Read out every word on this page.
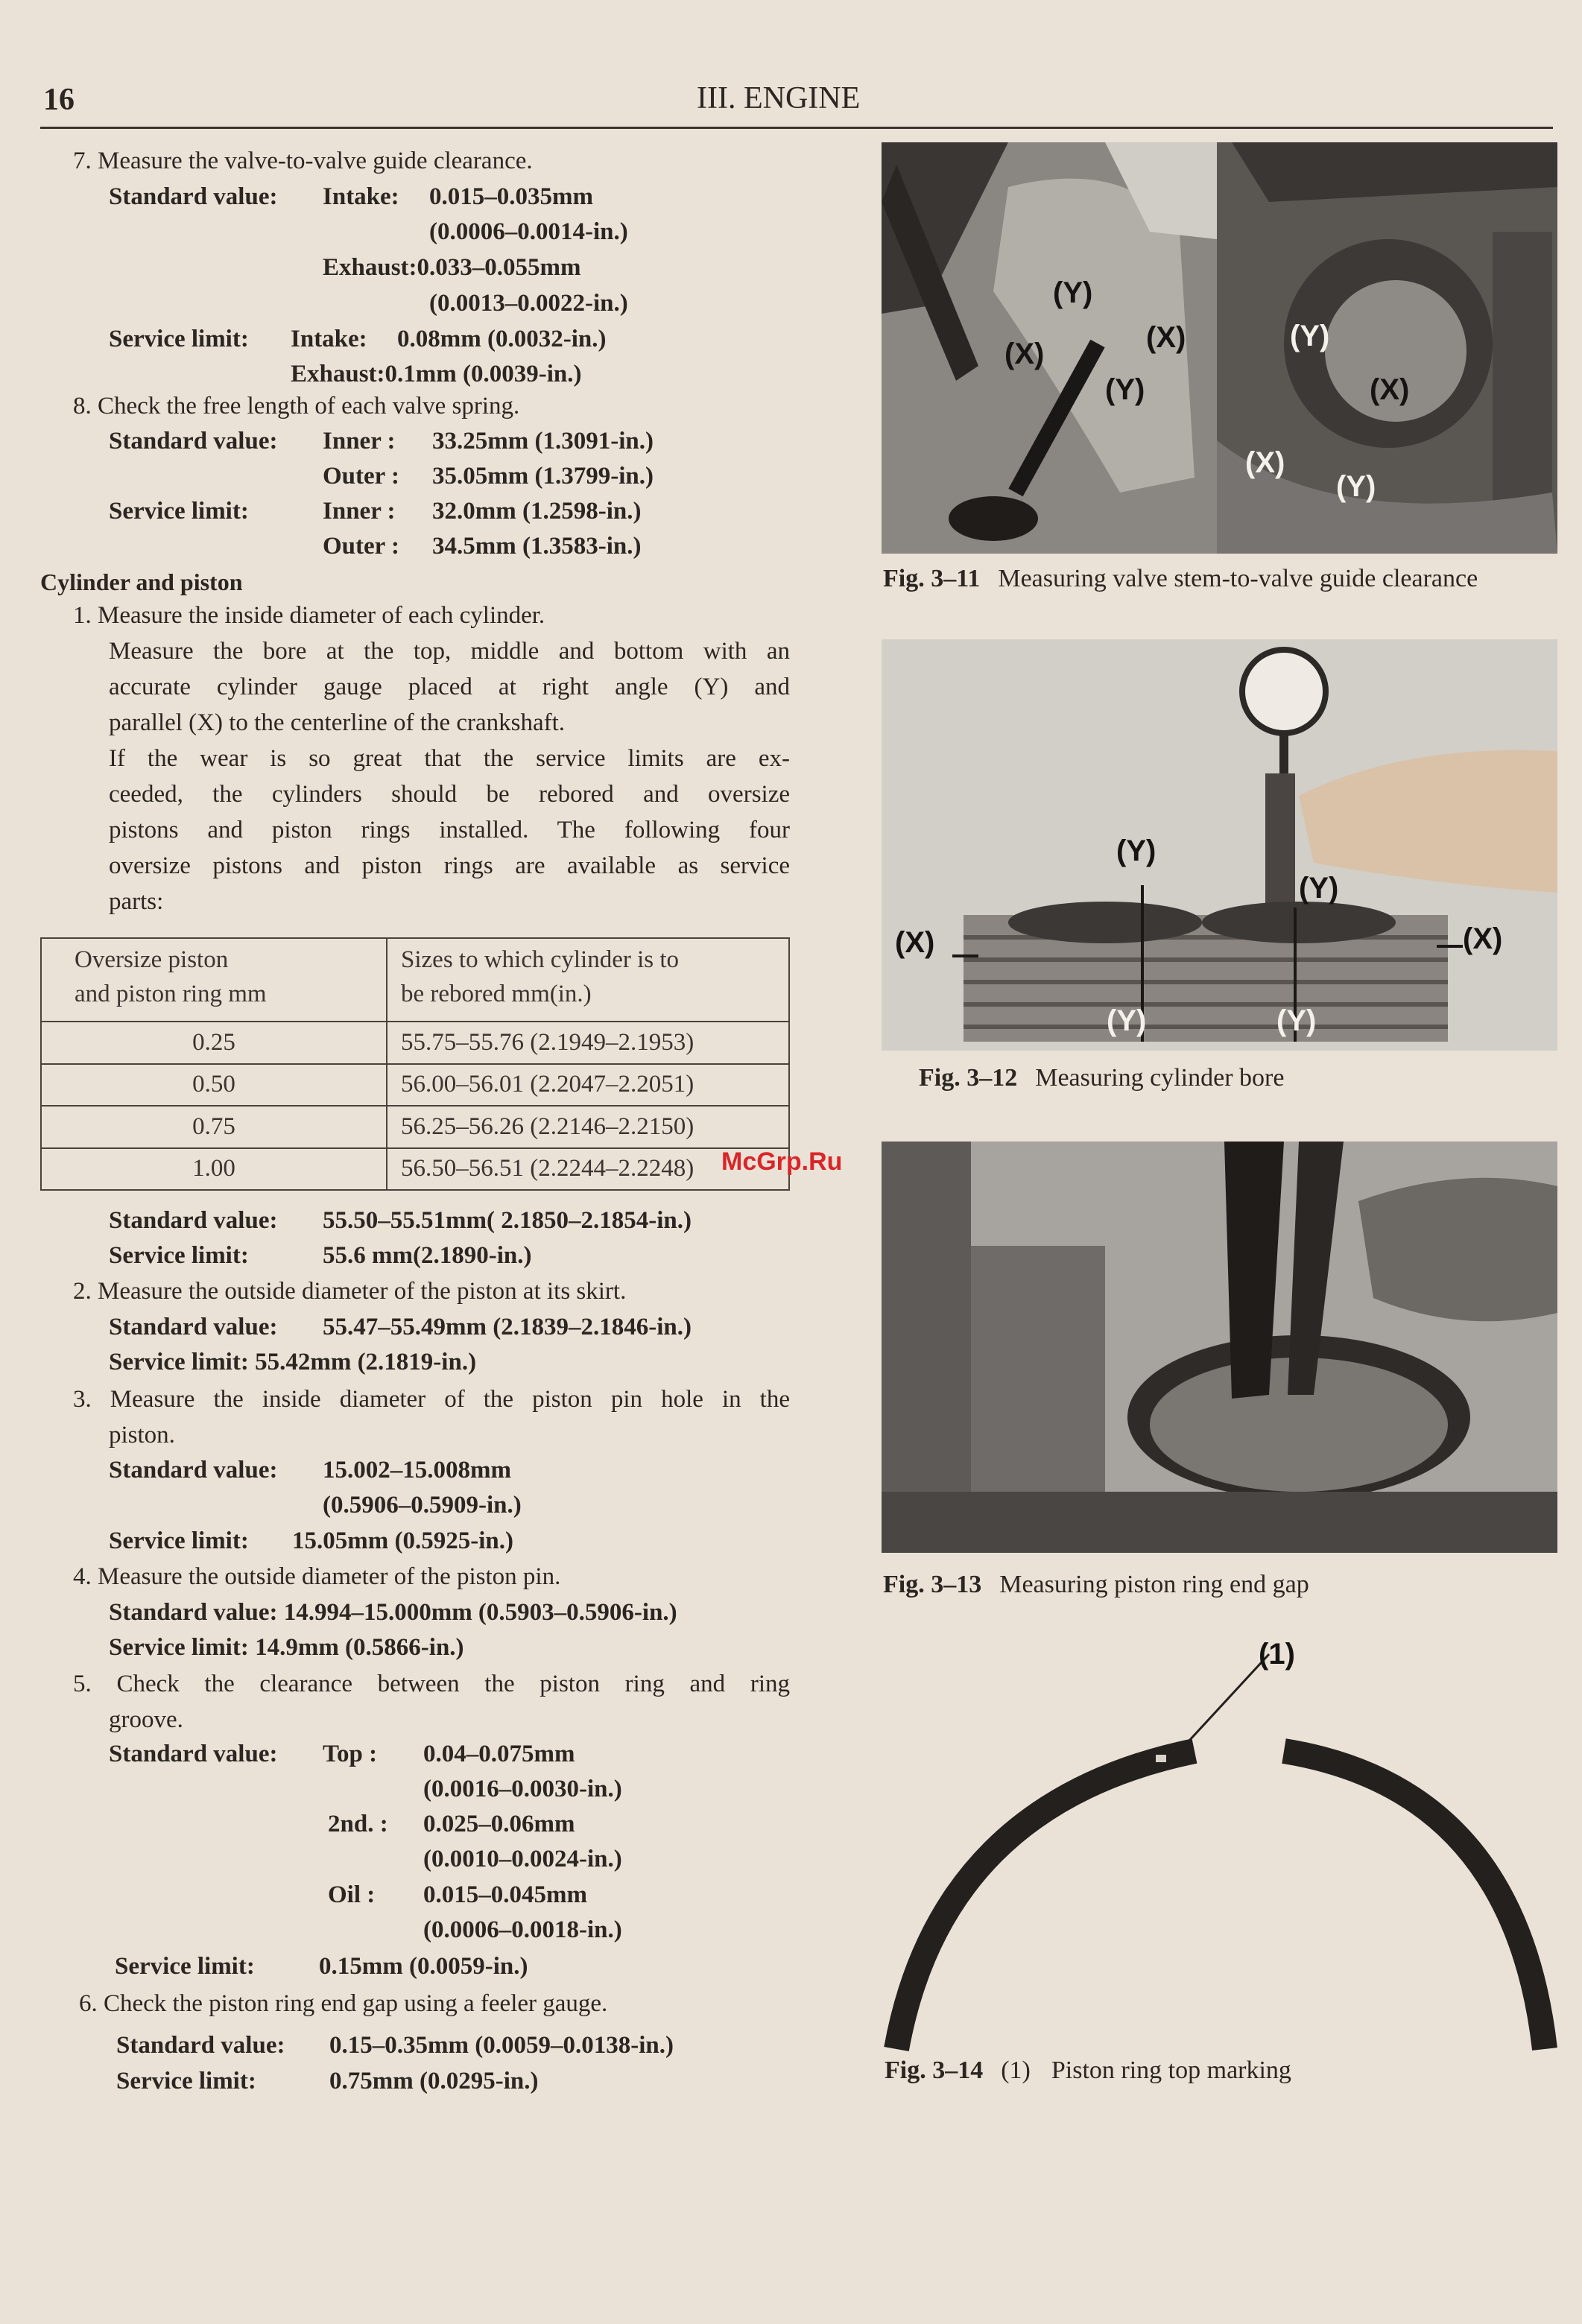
16	III. ENGINE
7. Measure the valve-to-valve guide clearance.
Standard value: Intake: 0.015–0.035mm
(0.0006–0.0014-in.)
Exhaust:0.033–0.055mm
(0.0013–0.0022-in.)
Service limit: Intake: 0.08mm (0.0032-in.)
Exhaust:0.1mm (0.0039-in.)
8. Check the free length of each valve spring.
Standard value: Inner : 33.25mm (1.3091-in.)
Outer : 35.05mm (1.3799-in.)
Service limit:	Inner : 32.0mm (1.2598-in.)
Outer : 34.5mm (1.3583-in.)
Cylinder and piston
1. Measure the inside diameter of each cylinder.
Measure the bore at the top, middle and bottom with an
accurate cylinder gauge placed at right angle (Y) and
parallel (X) to the centerline of the crankshaft.
If the wear is so great that the service limits are ex-
ceeded, the cylinders should be rebored and oversize
pistons and piston rings installed. The following four
oversize pistons and piston rings are available as service
parts:
Oversize piston
and piston ring mm	Sizes to which cylinder is to
be rebored mm(in.)
0.25	55.75–55.76 (2.1949–2.1953)
0.50	56.00–56.01 (2.2047–2.2051)
0.75	56.25–56.26 (2.2146–2.2150)
1.00	56.50–56.51 (2.2244–2.2248) McGrp.Ru
Standard value: 55.50–55.51mm( 2.1850–2.1854-in.)
Service limit:	55.6 mm(2.1890-in.)
2. Measure the outside diameter of the piston at its skirt.
Standard value: 55.47–55.49mm (2.1839–2.1846-in.)
Service limit: 55.42mm (2.1819-in.)
3. Measure the inside diameter of the piston pin hole in the
piston.
Standard value: 15.002–15.008mm
(0.5906–0.5909-in.)
Service limit: 15.05mm (0.5925-in.)
4. Measure the outside diameter of the piston pin.
Standard value: 14.994–15.000mm (0.5903–0.5906-in.)
Service limit: 14.9mm (0.5866-in.)
5. Check the clearance between the piston ring and ring
groove.
Standard value: Top : 0.04–0.075mm
(0.0016–0.0030-in.)
2nd. : 0.025–0.06mm
(0.0010–0.0024-in.)
Oil : 0.015–0.045mm
(0.0006–0.0018-in.)
Service limit:	0.15mm (0.0059-in.)
6. Check the piston ring end gap using a feeler gauge.
Standard value: 0.15–0.35mm (0.0059–0.0138-in.)
Service limit:	0.75mm (0.0295-in.)
(Y)
(X)	(X)
(Y)
(Y)
(X)
(X)
(Y)
Fig. 3–11 Measuring valve stem-to-valve guide clearance
(Y)
(Y)
(X)	(X)
(Y)	(Y)
Fig. 3–12 Measuring cylinder bore
Fig. 3–13 Measuring piston ring end gap
(1)
Fig. 3–14 (1) Piston ring top marking
